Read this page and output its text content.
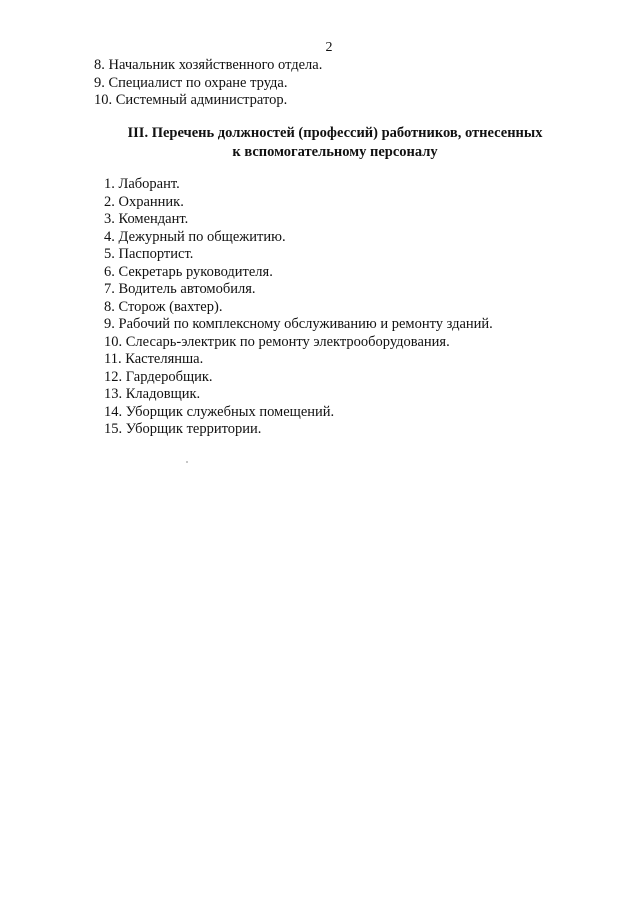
2
8. Начальник хозяйственного отдела.
9. Специалист по охране труда.
10. Системный администратор.
III. Перечень должностей (профессий) работников, отнесенных
к вспомогательному персоналу
1. Лаборант.
2. Охранник.
3. Комендант.
4. Дежурный по общежитию.
5. Паспортист.
6. Секретарь руководителя.
7. Водитель автомобиля.
8. Сторож (вахтер).
9. Рабочий по комплексному обслуживанию и ремонту зданий.
10. Слесарь-электрик по ремонту электрооборудования.
11. Кастелянша.
12. Гардеробщик.
13. Кладовщик.
14. Уборщик служебных помещений.
15. Уборщик территории.
